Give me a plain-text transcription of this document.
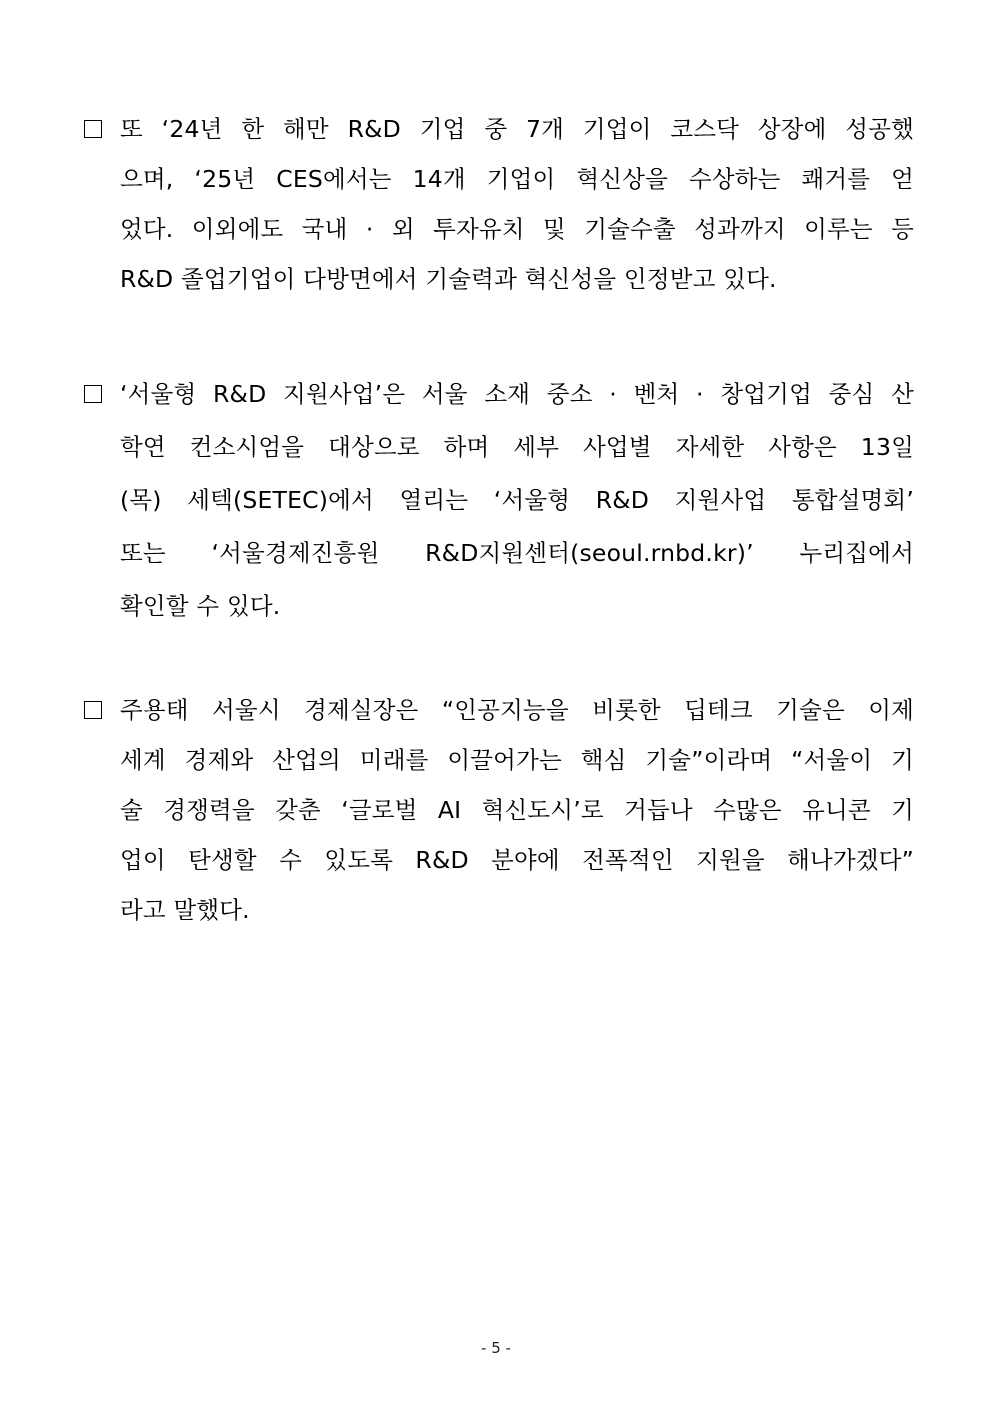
또 ‘24년 한 해만 R&D 기업 중 7개 기업이 코스닥 상장에 성공했
으며, ‘25년 CES에서는 14개 기업이 혁신상을 수상하는 쾌거를 얻
었다. 이외에도 국내 · 외 투자유치 및 기술수출 성과까지 이루는 등
R&D 졸업기업이 다방면에서 기술력과 혁신성을 인정받고 있다.
‘서울형 R&D 지원사업’은 서울 소재 중소 · 벤처 · 창업기업 중심 산
학연 컨소시엄을 대상으로 하며 세부 사업별 자세한 사항은 13일
(목) 세텍(SETEC)에서 열리는 ‘서울형 R&D 지원사업 통합설명회’
또는 ‘서울경제진흥원 R&D지원센터(seoul.rnbd.kr)’ 누리집에서
확인할 수 있다.
주용태 서울시 경제실장은 “인공지능을 비롯한 딥테크 기술은 이제
세계 경제와 산업의 미래를 이끌어가는 핵심 기술”이라며 “서울이 기
술 경쟁력을 갖춘 ‘글로벌 AI 혁신도시’로 거듭나 수많은 유니콘 기
업이 탄생할 수 있도록 R&D 분야에 전폭적인 지원을 해나가겠다”
라고 말했다.
- 5 -
